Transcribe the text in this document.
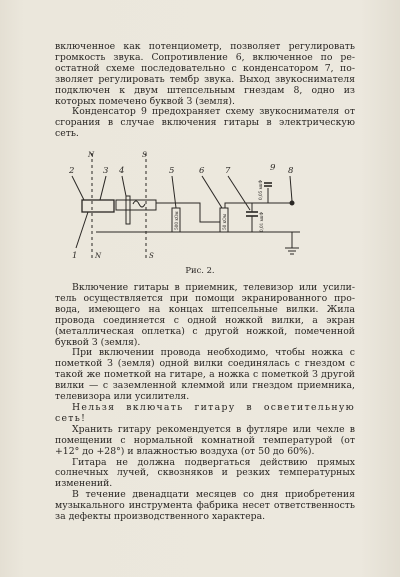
включенное как потенциометр, позволяет регулировать громкость звука. Сопротивление 6, включенное по реостатной схеме последовательно с конденсатором 7, позволяет регулировать тембр звука. Выход звукоснимателя подключен к двум штепсельным гнездам 8, одно из которых помечено буквой З (земля).

Конденсатор 9 предохраняет схему звукоснимателя от сгорания в случае включения гитары в электрическую сеть.

2	3 4	5	6 7	8
9
1
N	S
N	S
500 кОм	50 кОм
0,05 мкФ
0,01 мкФ

Рис. 2.

Включение гитары в приемник, телевизор или усилитель осуществляется при помощи экранированного провода, имеющего на концах штепсельные вилки. Жила провода соединяется с одной ножкой вилки, а экран (металлическая оплетка) с другой ножкой, помеченной буквой З (земля).

При включении провода необходимо, чтобы ножка с пометкой З (земля) одной вилки соединялась с гнездом с такой же пометкой на гитаре, а ножка с пометкой З другой вилки — с заземленной клеммой или гнездом приемника, телевизора или усилителя.

Нельзя включать гитару в осветительную сеть!

Хранить гитару рекомендуется в футляре или чехле в помещении с нормальной комнатной температурой (от +12° до +28°) и влажностью воздуха (от 50 до 60%).

Гитара не должна подвергаться действию прямых солнечных лучей, сквозняков и резких температурных изменений.

В течение двенадцати месяцев со дня приобретения музыкального инструмента фабрика несет ответственность за дефекты производственного характера.
